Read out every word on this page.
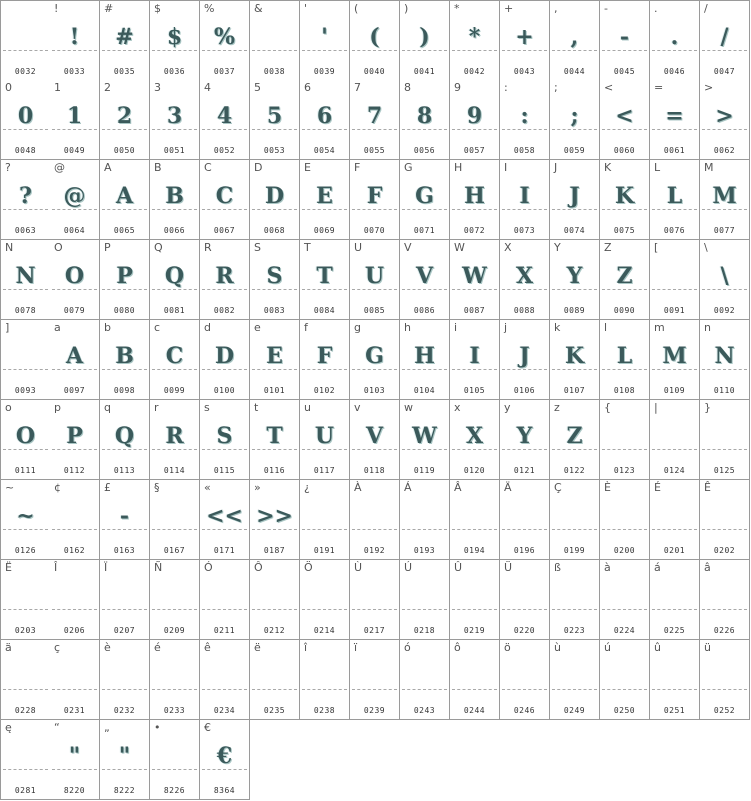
0032
!
!
0033
#
#
0035
$
$
0036
%
%
0037
&
0038
'
'
0039
(
(
0040
)
)
0041
*
*
0042
+
+
0043
,
,
0044
-
-
0045
.
.
0046
/
/
0047
0
0
0048
1
1
0049
2
2
0050
3
3
0051
4
4
0052
5
5
0053
6
6
0054
7
7
0055
8
8
0056
9
9
0057
:
:
0058
;
;
0059
<
<
0060
=
=
0061
>
>
0062
?
?
0063
@
@
0064
A
A
0065
B
B
0066
C
C
0067
D
D
0068
E
E
0069
F
F
0070
G
G
0071
H
H
0072
I
I
0073
J
J
0074
K
K
0075
L
L
0076
M
M
0077
N
N
0078
O
O
0079
P
P
0080
Q
Q
0081
R
R
0082
S
S
0083
T
T
0084
U
U
0085
V
V
0086
W
W
0087
X
X
0088
Y
Y
0089
Z
Z
0090
[
0091
\
\
0092
]
0093
a
A
0097
b
B
0098
c
C
0099
d
D
0100
e
E
0101
f
F
0102
g
G
0103
h
H
0104
i
I
0105
j
J
0106
k
K
0107
l
L
0108
m
M
0109
n
N
0110
o
O
0111
p
P
0112
q
Q
0113
r
R
0114
s
S
0115
t
T
0116
u
U
0117
v
V
0118
w
W
0119
x
X
0120
y
Y
0121
z
Z
0122
{
0123
|
0124
}
0125
~
~
0126
¢
0162
£
-
0163
§
0167
«
<<
0171
»
>>
0187
¿
0191
À
0192
Á
0193
Â
0194
Ä
0196
Ç
0199
È
0200
É
0201
Ê
0202
Ë
0203
Î
0206
Ï
0207
Ñ
0209
Ó
0211
Ô
0212
Ö
0214
Ù
0217
Ú
0218
Û
0219
Ü
0220
ß
0223
à
0224
á
0225
â
0226
ä
0228
ç
0231
è
0232
é
0233
ê
0234
ë
0235
î
0238
ï
0239
ó
0243
ô
0244
ö
0246
ù
0249
ú
0250
û
0251
ü
0252
ę
0281
“
"
8220
„
"
8222
•
8226
€
€
8364
